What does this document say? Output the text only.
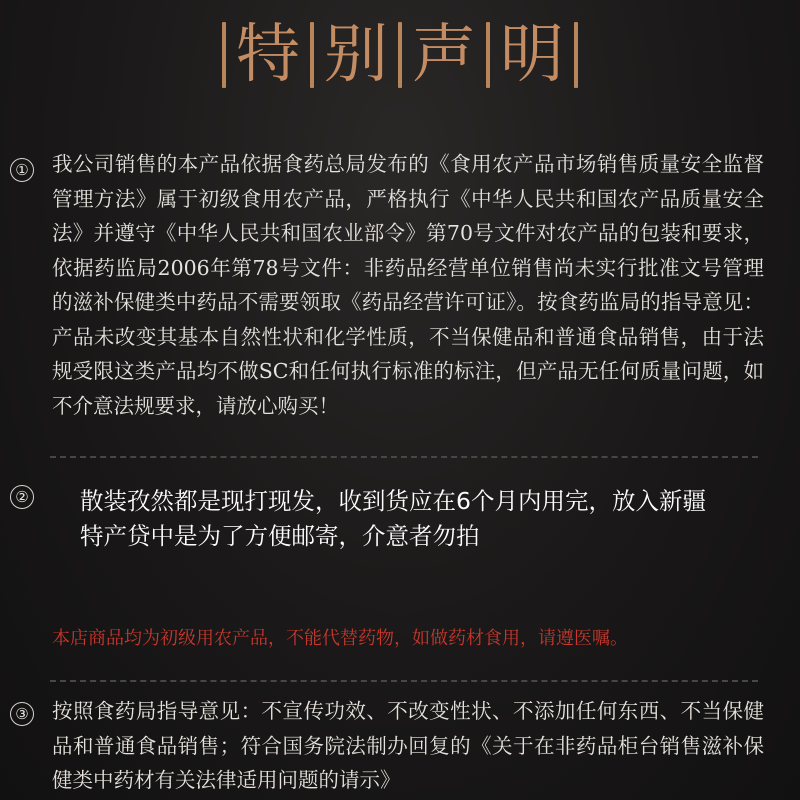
特 别 声 明
① 我公司销售的本产品依据食药总局发布的《食用农产品市场销售质量安全监督管理方法》属于初级食用农产品，严格执行《中华人民共和国农产品质量安全法》并遵守《中华人民共和国农业部令》第70号文件对农产品的包装和要求，依据药监局2006年第78号文件：非药品经营单位销售尚未实行批准文号管理的滋补保健类中药品不需要领取《药品经营许可证》。按食药监局的指导意见：产品未改变其基本自然性状和化学性质，不当保健品和普通食品销售，由于法规受限这类产品均不做SC和任何执行标准的标注，但产品无任何质量问题，如不介意法规要求，请放心购买！
② 散装孜然都是现打现发，收到货应在6个月内用完，放入新疆特产贷中是为了方便邮寄，介意者勿拍
本店商品均为初级用农产品，不能代替药物，如做药材食用，请遵医嘱。
③ 按照食药局指导意见：不宣传功效、不改变性状、不添加任何东西、不当保健品和普通食品销售；符合国务院法制办回复的《关于在非药品柜台销售滋补保健类中药材有关法律适用问题的请示》
